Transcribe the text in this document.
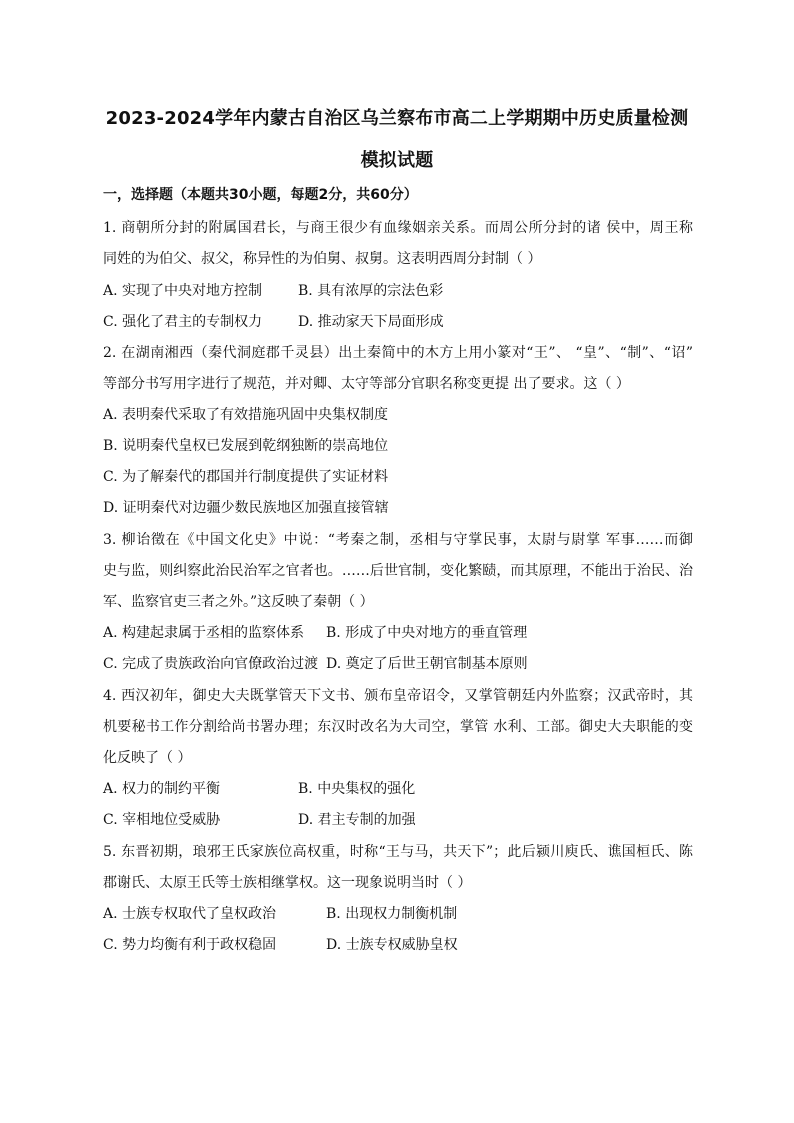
2023-2024学年内蒙古自治区乌兰察布市高二上学期期中历史质量检测
模拟试题
一，选择题（本题共30小题，每题2分，共60分）
1. 商朝所分封的附属国君长，与商王很少有血缘姻亲关系。而周公所分封的诸 侯中，周王称
同姓的为伯父、叔父，称异性的为伯舅、叔舅。这表明西周分封制（ ）
A. 实现了中央对地方控制	B. 具有浓厚的宗法色彩
C. 强化了君主的专制权力	D. 推动家天下局面形成
2. 在湖南湘西（秦代洞庭郡千灵县）出土秦简中的木方上用小篆对“王”、 “皇”、“制”、“诏”
等部分书写用字进行了规范，并对卿、太守等部分官职名称变更提 出了要求。这（ ）
A. 表明秦代采取了有效措施巩固中央集权制度
B. 说明秦代皇权已发展到乾纲独断的崇高地位
C. 为了解秦代的郡国并行制度提供了实证材料
D. 证明秦代对边疆少数民族地区加强直接管辖
3. 柳诒徵在《中国文化史》中说：“考秦之制，丞相与守掌民事，太尉与尉掌 军事……而御
史与监，则纠察此治民治军之官者也。……后世官制，变化繁赜，而其原理，不能出于治民、治
军、监察官吏三者之外。”这反映了秦朝（ ）
A. 构建起隶属于丞相的监察体系 B. 形成了中央对地方的垂直管理
C. 完成了贵族政治向官僚政治过渡 D. 奠定了后世王朝官制基本原则
4. 西汉初年，御史大夫既掌管天下文书、颁布皇帝诏令，又掌管朝廷内外监察；汉武帝时，其
机要秘书工作分割给尚书署办理；东汉时改名为大司空，掌管 水利、工部。御史大夫职能的变
化反映了（ ）
A. 权力的制约平衡	B. 中央集权的强化
C. 宰相地位受威胁	D. 君主专制的加强
5. 东晋初期，琅邪王氏家族位高权重，时称“王与马，共天下”；此后颍川庾氏、谯国桓氏、陈
郡谢氏、太原王氏等士族相继掌权。这一现象说明当时（ ）
A. 士族专权取代了皇权政治	B. 出现权力制衡机制
C. 势力均衡有利于政权稳固	D. 士族专权威胁皇权
